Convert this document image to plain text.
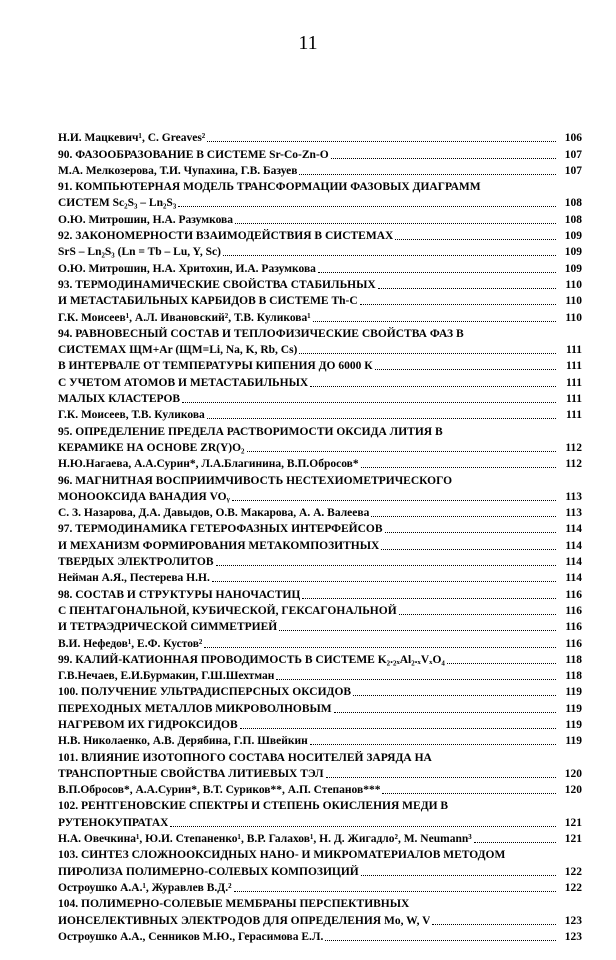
11
Н.И. Мацкевич¹, C. Greaves²	106
90. ФАЗООБРАЗОВАНИЕ В СИСТЕМЕ Sr-Co-Zn-O	107
М.А. Мелкозерова, Т.И. Чупахина, Г.В. Базуев	107
91. КОМПЬЮТЕРНАЯ МОДЕЛЬ ТРАНСФОРМАЦИИ ФАЗОВЫХ ДИАГРАММ
СИСТЕМ Sc₂S₃ – Ln₂S₃	108
О.Ю. Митрошин, Н.А. Разумкова	108
92. ЗАКОНОМЕРНОСТИ ВЗАИМОДЕЙСТВИЯ В СИСТЕМАХ	109
SrS – Ln₂S₃ (Ln = Tb – Lu, Y, Sc)	109
О.Ю. Митрошин, Н.А. Хритохин, И.А. Разумкова	109
93. ТЕРМОДИНАМИЧЕСКИЕ СВОЙСТВА СТАБИЛЬНЫХ	110
И МЕТАСТАБИЛЬНЫХ КАРБИДОВ В СИСТЕМЕ Th-C	110
Г.К. Моисеев¹, А.Л. Ивановский², Т.В. Куликова¹	110
94. РАВНОВЕСНЫЙ СОСТАВ И ТЕПЛОФИЗИЧЕСКИЕ СВОЙСТВА ФАЗ В
СИСТЕМАХ ЩМ+Ar (ЩМ=Li, Na, K, Rb, Cs)	111
В ИНТЕРВАЛЕ ОТ ТЕМПЕРАТУРЫ КИПЕНИЯ ДО 6000 К	111
С УЧЕТОМ АТОМОВ И МЕТАСТАБИЛЬНЫХ	111
МАЛЫХ КЛАСТЕРОВ	111
Г.К. Моисеев, Т.В. Куликова	111
95. ОПРЕДЕЛЕНИЕ ПРЕДЕЛА РАСТВОРИМОСТИ ОКСИДА ЛИТИЯ В
КЕРАМИКЕ НА ОСНОВЕ ZR(Y)O₂	112
Н.Ю.Нагаева, А.А.Сурин*, Л.А.Благинина, В.П.Обросов*	112
96. МАГНИТНАЯ ВОСПРИИМЧИВОСТЬ НЕСТЕХИОМЕТРИЧЕСКОГО
МОНООКСИДА ВАНАДИЯ VOᵧ	113
С. З. Назарова, Д.А. Давыдов, О.В. Макарова, А. А. Валеева	113
97. ТЕРМОДИНАМИКА ГЕТЕРОФАЗНЫХ ИНТЕРФЕЙСОВ	114
И МЕХАНИЗМ ФОРМИРОВАНИЯ МЕТАКОМПОЗИТНЫХ	114
ТВЕРДЫХ ЭЛЕКТРОЛИТОВ	114
Нейман А.Я., Пестерева Н.Н.	114
98. СОСТАВ И СТРУКТУРЫ НАНОЧАСТИЦ	116
С ПЕНТАГОНАЛЬНОЙ, КУБИЧЕСКОЙ, ГЕКСАГОНАЛЬНОЙ	116
И ТЕТРАЭДРИЧЕСКОЙ СИММЕТРИЕЙ	116
В.И. Нефедов¹, Е.Ф. Кустов²	116
99. КАЛИЙ-КАТИОННАЯ ПРОВОДИМОСТЬ В СИСТЕМЕ K₂.₂ₓAl₂.ₓVₓO₄	118
Г.В.Нечаев, Е.И.Бурмакин, Г.Ш.Шехтман	118
100. ПОЛУЧЕНИЕ УЛЬТРАДИСПЕРСНЫХ ОКСИДОВ	119
ПЕРЕХОДНЫХ МЕТАЛЛОВ МИКРОВОЛНОВЫМ	119
НАГРЕВОМ ИХ ГИДРОКСИДОВ	119
Н.В. Николаенко, А.В. Дерябина, Г.П. Швейкин	119
101. ВЛИЯНИЕ ИЗОТОПНОГО СОСТАВА НОСИТЕЛЕЙ ЗАРЯДА НА
ТРАНСПОРТНЫЕ СВОЙСТВА ЛИТИЕВЫХ ТЭЛ	120
В.П.Обросов*, А.А.Сурин*, В.Т. Суриков**, А.П. Степанов***	120
102. РЕНТГЕНОВСКИЕ СПЕКТРЫ И СТЕПЕНЬ ОКИСЛЕНИЯ МЕДИ В
РУТЕНОКУПРАТАХ	121
Н.А. Овечкина¹, Ю.И. Степаненко¹, В.Р. Галахов¹, Н. Д. Жигадло², M. Neumann³	121
103. СИНТЕЗ СЛОЖНООКСИДНЫХ НАНО- И МИКРОМАТЕРИАЛОВ МЕТОДОМ
ПИРОЛИЗА ПОЛИМЕРНО-СОЛЕВЫХ КОМПОЗИЦИЙ	122
Остроушко А.А.¹, Журавлев В.Д.²	122
104. ПОЛИМЕРНО-СОЛЕВЫЕ МЕМБРАНЫ ПЕРСПЕКТИВНЫХ
ИОНСЕЛЕКТИВНЫХ ЭЛЕКТРОДОВ ДЛЯ ОПРЕДЕЛЕНИЯ Mo, W, V	123
Остроушко А.А., Сенников М.Ю., Герасимова Е.Л.	123
